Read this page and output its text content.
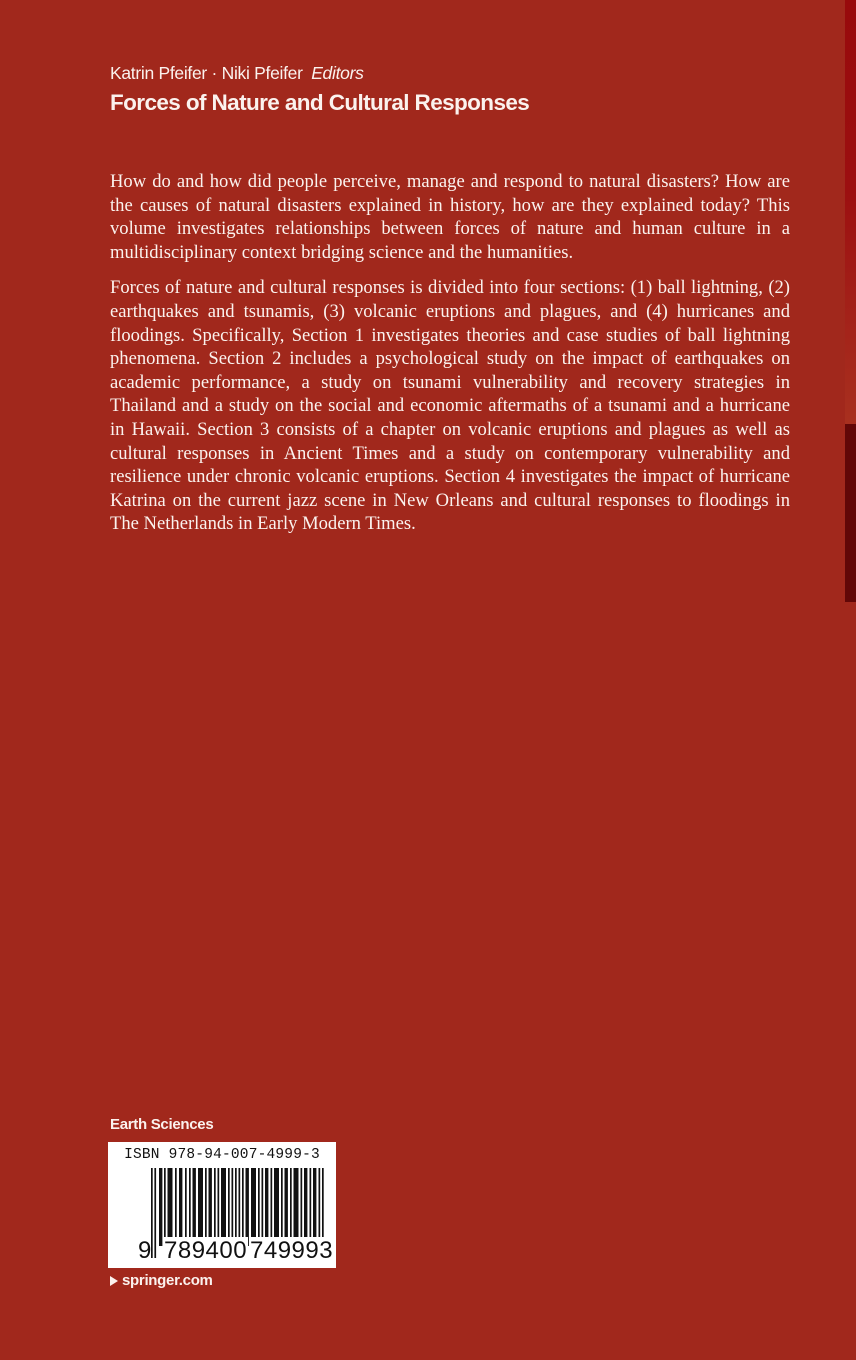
Katrin Pfeifer · Niki Pfeifer Editors
Forces of Nature and Cultural Responses

How do and how did people perceive, manage and respond to natural disasters? How are the causes of natural disasters explained in history, how are they explained today? This volume investigates relationships between forces of nature and human culture in a multidisciplinary context bridging science and the humanities.

Forces of nature and cultural responses is divided into four sections: (1) ball lightning, (2) earthquakes and tsunamis, (3) volcanic eruptions and plagues, and (4) hurricanes and floodings. Specifically, Section 1 investigates theories and case studies of ball lightning phenomena. Section 2 includes a psychological study on the impact of earthquakes on academic performance, a study on tsunami vulnerability and recovery strategies in Thailand and a study on the social and economic aftermaths of a tsunami and a hurricane in Hawaii. Section 3 consists of a chapter on volcanic eruptions and plagues as well as cultural responses in Ancient Times and a study on contemporary vulnerability and resilience under chronic volcanic eruptions. Section 4 investigates the impact of hurricane Katrina on the current jazz scene in New Orleans and cultural responses to floodings in The Netherlands in Early Modern Times.

Earth Sciences
ISBN 978-94-007-4999-3
9 789400 749993
springer.com
